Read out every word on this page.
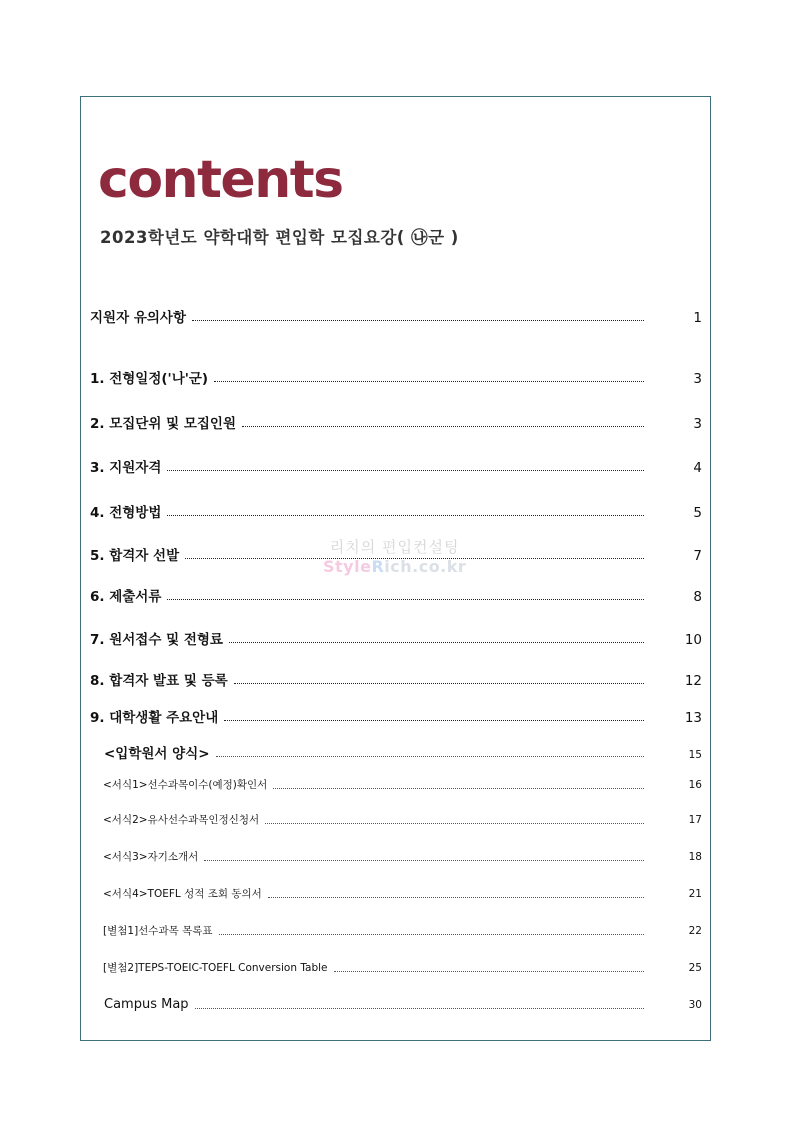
contents
2023학년도 약학대학 편입학 모집요강( ㉯군 )
지원자 유의사항	1
1. 전형일정('나'군)	3
2. 모집단위 및 모집인원	3
3. 지원자격	4
4. 전형방법	5
5. 합격자 선발	7
6. 제출서류	8
7. 원서접수 및 전형료	10
8. 합격자 발표 및 등록	12
9. 대학생활 주요안내	13
<입학원서 양식>	15
<서식1>선수과목이수(예정)확인서	16
<서식2>유사선수과목인정신청서	17
<서식3>자기소개서	18
<서식4>TOEFL 성적 조회 동의서	21
[별첨1]선수과목 목록표	22
[별첨2]TEPS-TOEIC-TOEFL Conversion Table	25
Campus Map	30
리치의 편입컨설팅
StyleRich.co.kr
